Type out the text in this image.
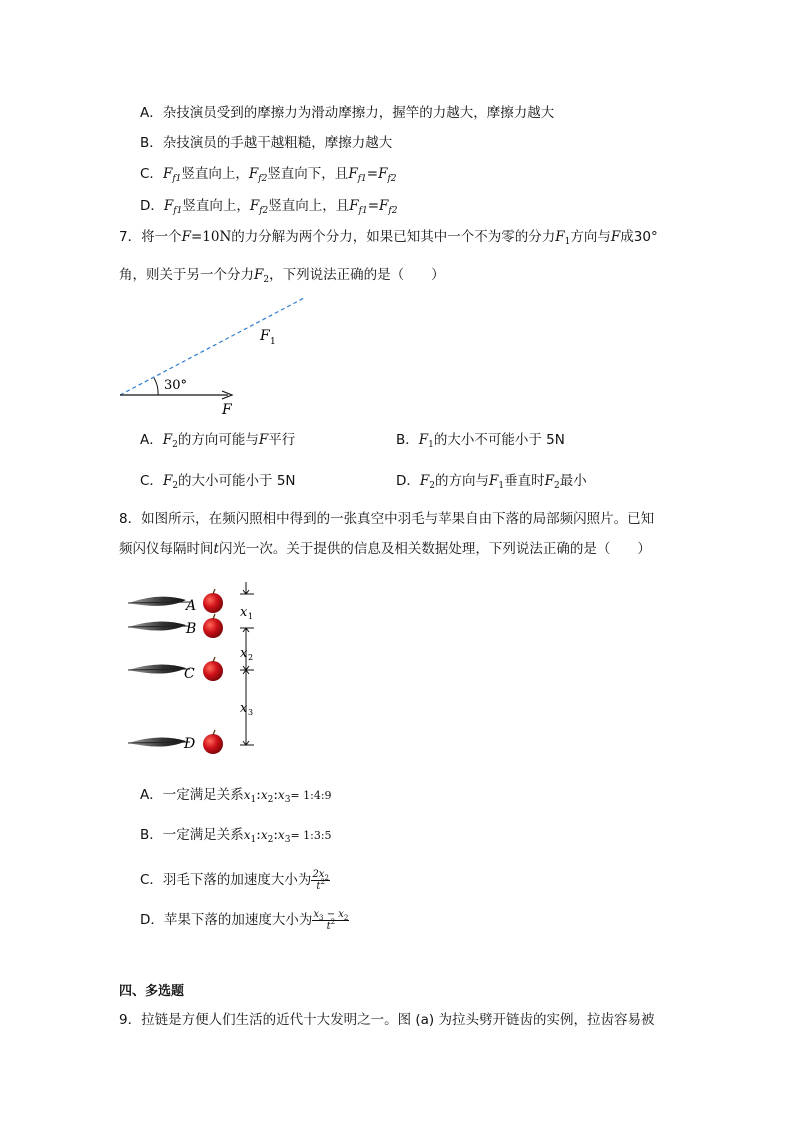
A．杂技演员受到的摩擦力为滑动摩擦力，握竿的力越大，摩擦力越大
B．杂技演员的手越干越粗糙，摩擦力越大
C．$F_{f1}$竖直向上，$F_{f2}$竖直向下，且$F_{f1}=F_{f2}$
D．$F_{f1}$竖直向上，$F_{f2}$竖直向上，且$F_{f1}=F_{f2}$
7．将一个F=10N的力分解为两个分力，如果已知其中一个不为零的分力$F_1$方向与F成30°
角，则关于另一个分力$F_2$，下列说法正确的是（　　）
30°
F 1
F
A．$F_2$的方向可能与F平行	B．$F_1$的大小不可能小于 5N
C．$F_2$的大小可能小于 5N	D．$F_2$的方向与$F_1$垂直时$F_2$最小
8．如图所示，在频闪照相中得到的一张真空中羽毛与苹果自由下落的局部频闪照片。已知
频闪仪每隔时间t闪光一次。关于提供的信息及相关数据处理，下列说法正确的是（　　）
A
B
C
D
x 1
x 2
x 3
A．一定满足关系$x_1:x_2:x_3=$ 1:4:9
B．一定满足关系$x_1:x_2:x_3=$ 1:3:5
C．羽毛下落的加速度大小为 $\frac{2x_2}{t^2}$
D．苹果下落的加速度大小为 $\frac{x_3 - x_2}{t^2}$
四、多选题
9．拉链是方便人们生活的近代十大发明之一。图 (a) 为拉头劈开链齿的实例，拉齿容易被
